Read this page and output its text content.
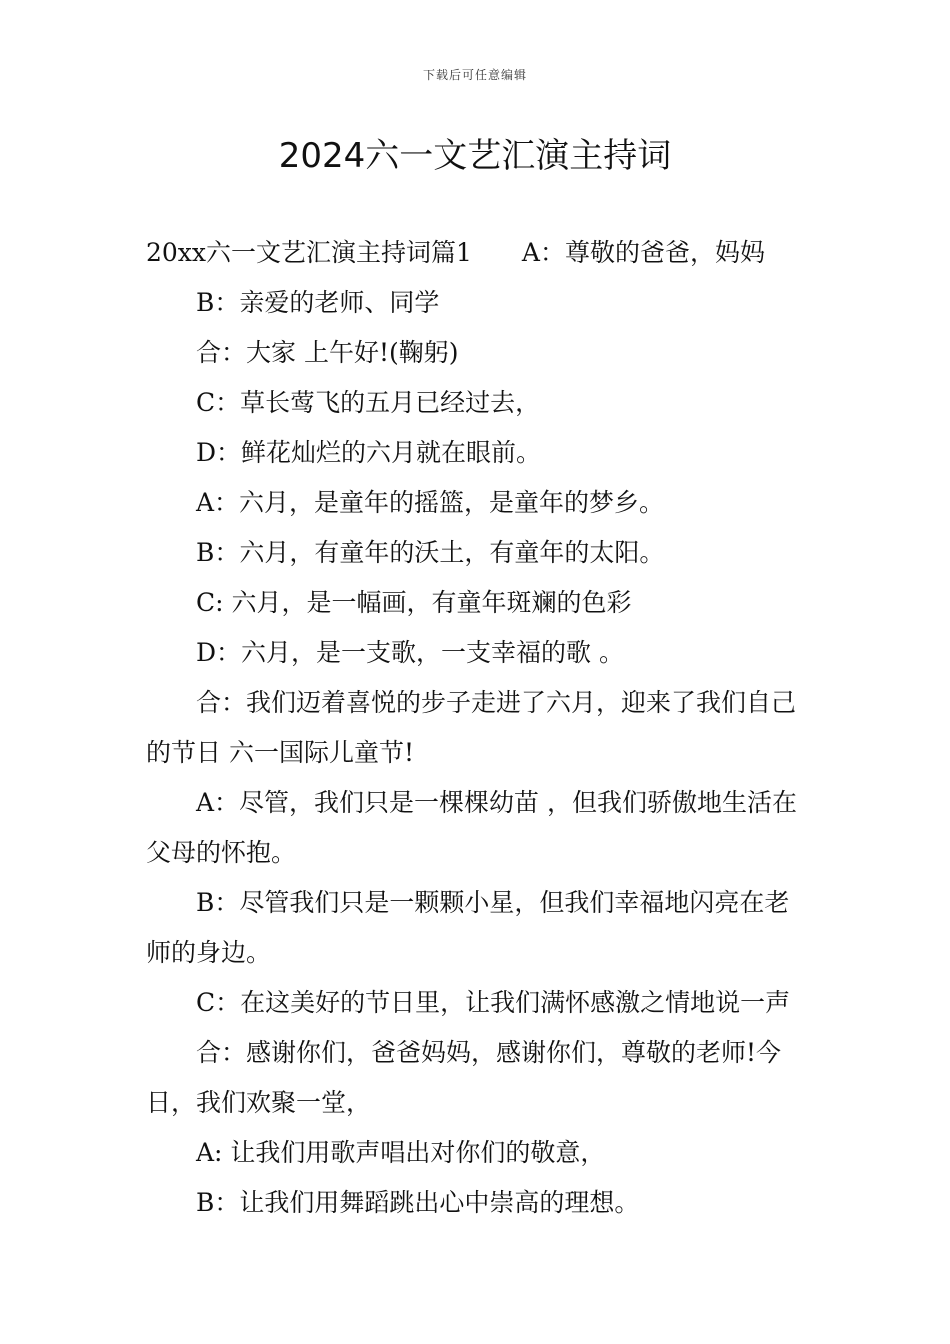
下载后可任意编辑
2024六一文艺汇演主持词

20xx六一文艺汇演主持词篇1　　A：尊敬的爸爸，妈妈

B：亲爱的老师、同学

合：大家 上午好!(鞠躬)

C：草长莺飞的五月已经过去，

D：鲜花灿烂的六月就在眼前。

A：六月，是童年的摇篮，是童年的梦乡。

B：六月，有童年的沃土，有童年的太阳。

C: 六月，是一幅画，有童年斑斓的色彩

D：六月，是一支歌，一支幸福的歌 。

合：我们迈着喜悦的步子走进了六月，迎来了我们自己的节日 六一国际儿童节!

A：尽管，我们只是一棵棵幼苗 ，但我们骄傲地生活在父母的怀抱。

B：尽管我们只是一颗颗小星，但我们幸福地闪亮在老师的身边。

C：在这美好的节日里，让我们满怀感激之情地说一声

合：感谢你们，爸爸妈妈，感谢你们，尊敬的老师!今日，我们欢聚一堂，

A: 让我们用歌声唱出对你们的敬意，

B：让我们用舞蹈跳出心中崇高的理想。
